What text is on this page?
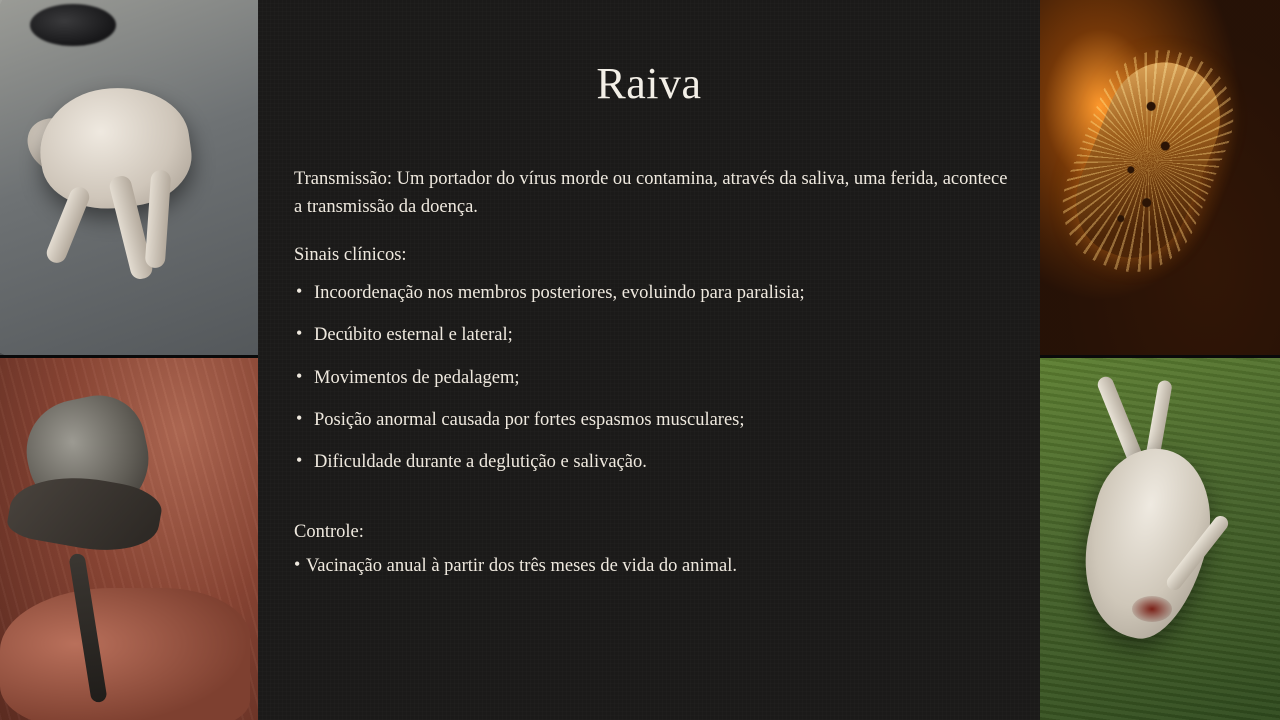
Raiva

Transmissão: Um portador do vírus morde ou contamina, através da saliva, uma ferida, acontece a transmissão da doença.

Sinais clínicos:

• Incoordenação nos membros posteriores, evoluindo para paralisia;
• Decúbito esternal e lateral;
• Movimentos de pedalagem;
• Posição anormal causada por fortes espasmos musculares;
• Dificuldade durante a deglutição e salivação.

Controle:

• Vacinação anual à partir dos três meses de vida do animal.
